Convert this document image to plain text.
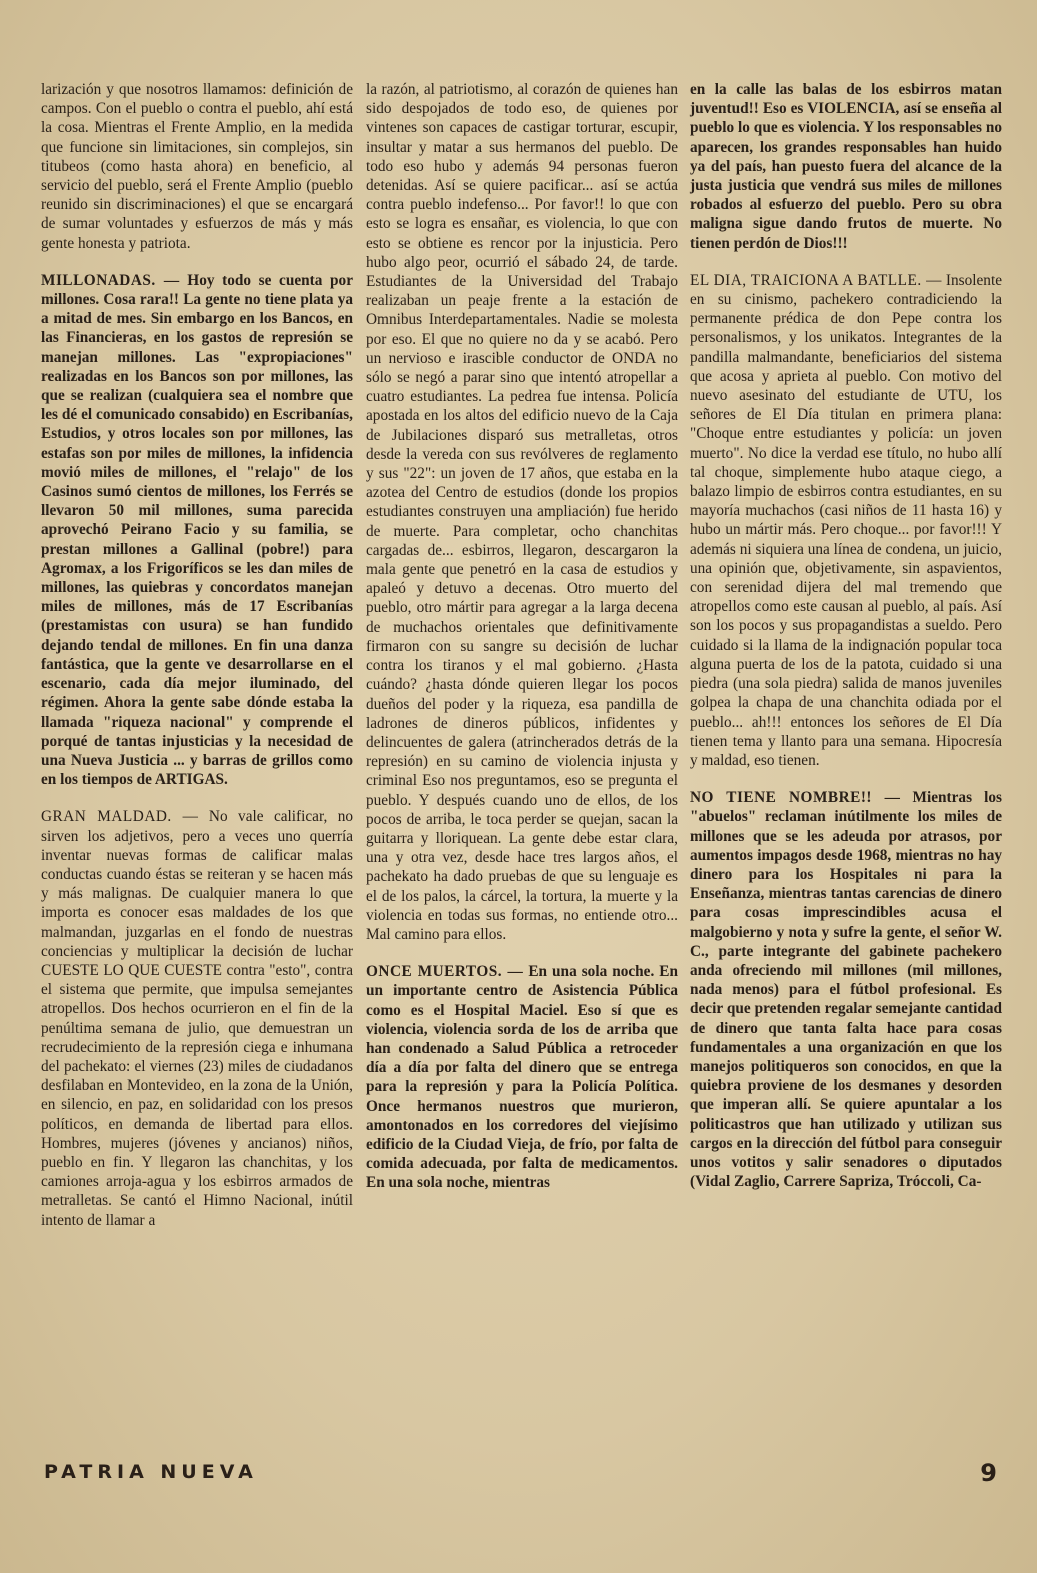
larización y que nosotros llamamos: definición de campos. Con el pueblo o contra el pueblo, ahí está la cosa. Mientras el Frente Amplio, en la medida que funcione sin limitaciones, sin complejos, sin titubeos (como hasta ahora) en beneficio, al servicio del pueblo, será el Frente Amplio (pueblo reunido sin discriminaciones) el que se encargará de sumar voluntades y esfuerzos de más y más gente honesta y patriota.

MILLONADAS. — Hoy todo se cuenta por millones. Cosa rara!! La gente no tiene plata ya a mitad de mes. Sin embargo en los Bancos, en las Financieras, en los gastos de represión se manejan millones. Las "expropiaciones" realizadas en los Bancos son por millones, las que se realizan (cualquiera sea el nombre que les dé el comunicado consabido) en Escribanías, Estudios, y otros locales son por millones, las estafas son por miles de millones, la infidencia movió miles de millones, el "relajo" de los Casinos sumó cientos de millones, los Ferrés se llevaron 50 mil millones, suma parecida aprovechó Peirano Facio y su familia, se prestan millones a Gallinal (pobre!) para Agromax, a los Frigoríficos se les dan miles de millones, las quiebras y concordatos manejan miles de millones, más de 17 Escribanías (prestamistas con usura) se han fundido dejando tendal de millones. En fin una danza fantástica, que la gente ve desarrollarse en el escenario, cada día mejor iluminado, del régimen. Ahora la gente sabe dónde estaba la llamada "riqueza nacional" y comprende el porqué de tantas injusticias y la necesidad de una Nueva Justicia ... y barras de grillos como en los tiempos de ARTIGAS.

GRAN MALDAD. — No vale calificar, no sirven los adjetivos, pero a veces uno querría inventar nuevas formas de calificar malas conductas cuando éstas se reiteran y se hacen más y más malignas. De cualquier manera lo que importa es conocer esas maldades de los que malmandan, juzgarlas en el fondo de nuestras conciencias y multiplicar la decisión de luchar CUESTE LO QUE CUESTE contra "esto", contra el sistema que permite, que impulsa semejantes atropellos. Dos hechos ocurrieron en el fin de la penúltima semana de julio, que demuestran un recrudecimiento de la represión ciega e inhumana del pachekato: el viernes (23) miles de ciudadanos desfilaban en Montevideo, en la zona de la Unión, en silencio, en paz, en solidaridad con los presos políticos, en demanda de libertad para ellos. Hombres, mujeres (jóvenes y ancianos) niños, pueblo en fin. Y llegaron las chanchitas, y los camiones arroja-agua y los esbirros armados de metralletas. Se cantó el Himno Nacional, inútil intento de llamar a

la razón, al patriotismo, al corazón de quienes han sido despojados de todo eso, de quienes por vintenes son capaces de castigar torturar, escupir, insultar y matar a sus hermanos del pueblo. De todo eso hubo y además 94 personas fueron detenidas. Así se quiere pacificar... así se actúa contra pueblo indefenso... Por favor!! lo que con esto se logra es ensañar, es violencia, lo que con esto se obtiene es rencor por la injusticia. Pero hubo algo peor, ocurrió el sábado 24, de tarde. Estudiantes de la Universidad del Trabajo realizaban un peaje frente a la estación de Omnibus Interdepartamentales. Nadie se molesta por eso. El que no quiere no da y se acabó. Pero un nervioso e irascible conductor de ONDA no sólo se negó a parar sino que intentó atropellar a cuatro estudiantes. La pedrea fue intensa. Policía apostada en los altos del edificio nuevo de la Caja de Jubilaciones disparó sus metralletas, otros desde la vereda con sus revólveres de reglamento y sus "22": un joven de 17 años, que estaba en la azotea del Centro de estudios (donde los propios estudiantes construyen una ampliación) fue herido de muerte. Para completar, ocho chanchitas cargadas de... esbirros, llegaron, descargaron la mala gente que penetró en la casa de estudios y apaleó y detuvo a decenas. Otro muerto del pueblo, otro mártir para agregar a la larga decena de muchachos orientales que definitivamente firmaron con su sangre su decisión de luchar contra los tiranos y el mal gobierno. ¿Hasta cuándo? ¿hasta dónde quieren llegar los pocos dueños del poder y la riqueza, esa pandilla de ladrones de dineros públicos, infidentes y delincuentes de galera (atrincherados detrás de la represión) en su camino de violencia injusta y criminal Eso nos preguntamos, eso se pregunta el pueblo. Y después cuando uno de ellos, de los pocos de arriba, le toca perder se quejan, sacan la guitarra y lloriquean. La gente debe estar clara, una y otra vez, desde hace tres largos años, el pachekato ha dado pruebas de que su lenguaje es el de los palos, la cárcel, la tortura, la muerte y la violencia en todas sus formas, no entiende otro... Mal camino para ellos.

ONCE MUERTOS. — En una sola noche. En un importante centro de Asistencia Pública como es el Hospital Maciel. Eso sí que es violencia, violencia sorda de los de arriba que han condenado a Salud Pública a retroceder día a día por falta del dinero que se entrega para la represión y para la Policía Política. Once hermanos nuestros que murieron, amontonados en los corredores del viejísimo edificio de la Ciudad Vieja, de frío, por falta de comida adecuada, por falta de medicamentos. En una sola noche, mientras

en la calle las balas de los esbirros matan juventud!! Eso es VIOLENCIA, así se enseña al pueblo lo que es violencia. Y los responsables no aparecen, los grandes responsables han huido ya del país, han puesto fuera del alcance de la justa justicia que vendrá sus miles de millones robados al esfuerzo del pueblo. Pero su obra maligna sigue dando frutos de muerte. No tienen perdón de Dios!!!

EL DIA, TRAICIONA A BATLLE. — Insolente en su cinismo, pachekero contradiciendo la permanente prédica de don Pepe contra los personalismos, y los unikatos. Integrantes de la pandilla malmandante, beneficiarios del sistema que acosa y aprieta al pueblo. Con motivo del nuevo asesinato del estudiante de UTU, los señores de El Día titulan en primera plana: "Choque entre estudiantes y policía: un joven muerto". No dice la verdad ese título, no hubo allí tal choque, simplemente hubo ataque ciego, a balazo limpio de esbirros contra estudiantes, en su mayoría muchachos (casi niños de 11 hasta 16) y hubo un mártir más. Pero choque... por favor!!! Y además ni siquiera una línea de condena, un juicio, una opinión que, objetivamente, sin aspavientos, con serenidad dijera del mal tremendo que atropellos como este causan al pueblo, al país. Así son los pocos y sus propagandistas a sueldo. Pero cuidado si la llama de la indignación popular toca alguna puerta de los de la patota, cuidado si una piedra (una sola piedra) salida de manos juveniles golpea la chapa de una chanchita odiada por el pueblo... ah!!! entonces los señores de El Día tienen tema y llanto para una semana. Hipocresía y maldad, eso tienen.

NO TIENE NOMBRE!! — Mientras los "abuelos" reclaman inútilmente los miles de millones que se les adeuda por atrasos, por aumentos impagos desde 1968, mientras no hay dinero para los Hospitales ni para la Enseñanza, mientras tantas carencias de dinero para cosas imprescindibles acusa el malgobierno y nota y sufre la gente, el señor W. C., parte integrante del gabinete pachekero anda ofreciendo mil millones (mil millones, nada menos) para el fútbol profesional. Es decir que pretenden regalar semejante cantidad de dinero que tanta falta hace para cosas fundamentales a una organización en que los manejos politiqueros son conocidos, en que la quiebra proviene de los desmanes y desorden que imperan allí. Se quiere apuntalar a los politicastros que han utilizado y utilizan sus cargos en la dirección del fútbol para conseguir unos votitos y salir senadores o diputados (Vidal Zaglio, Carrere Sapriza, Tróccoli, Ca-

PATRIA NUEVA	9
